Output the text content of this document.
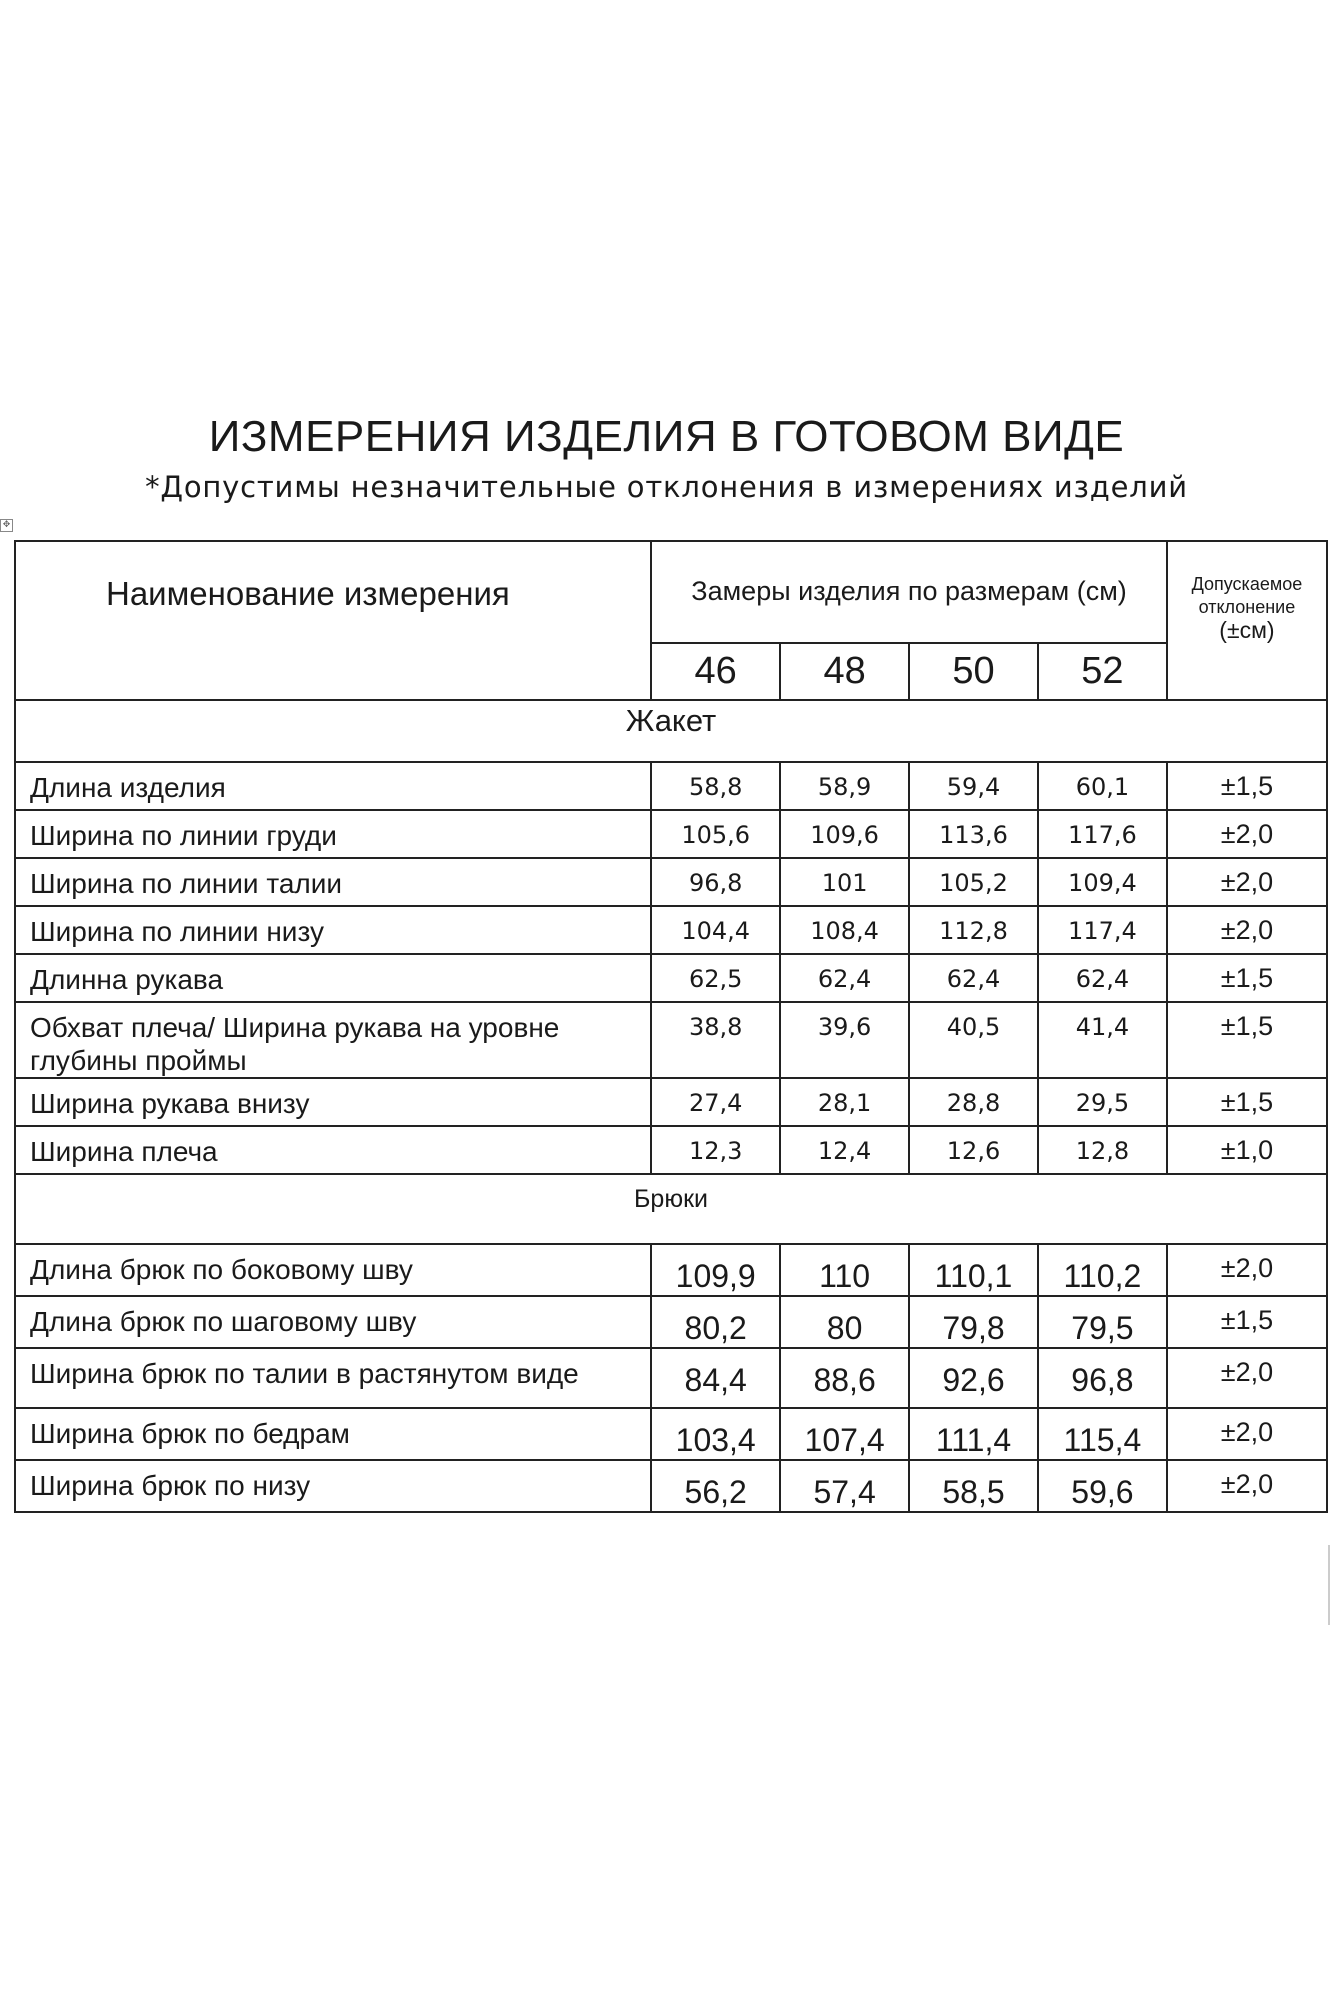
ИЗМЕРЕНИЯ ИЗДЕЛИЯ В ГОТОВОМ ВИДЕ
*Допустимы незначительные отклонения в измерениях изделий
✥
Наименование измерения	Замеры изделия по размерам (см)				Допускаемое
отклонение
(±см)

	46	48	50	52	
Жакет					
Длина изделия	58,8	58,9	59,4	60,1	±1,5
Ширина по линии груди	105,6	109,6	113,6	117,6	±2,0
Ширина по линии талии	96,8	101	105,2	109,4	±2,0
Ширина по линии низу	104,4	108,4	112,8	117,4	±2,0
Длинна рукава	62,5	62,4	62,4	62,4	±1,5
Обхват плеча/ Ширина рукава на уровне глубины проймы	38,8	39,6	40,5	41,4	±1,5
Ширина рукава внизу	27,4	28,1	28,8	29,5	±1,5
Ширина плеча	12,3	12,4	12,6	12,8	±1,0
Брюки					
Длина брюк по боковому шву	109,9	110	110,1	110,2	±2,0
Длина брюк по шаговому шву	80,2	80	79,8	79,5	±1,5
Ширина брюк по талии в растянутом виде	84,4	88,6	92,6	96,8	±2,0
Ширина брюк по бедрам	103,4	107,4	111,4	115,4	±2,0
Ширина брюк по низу	56,2	57,4	58,5	59,6	±2,0
